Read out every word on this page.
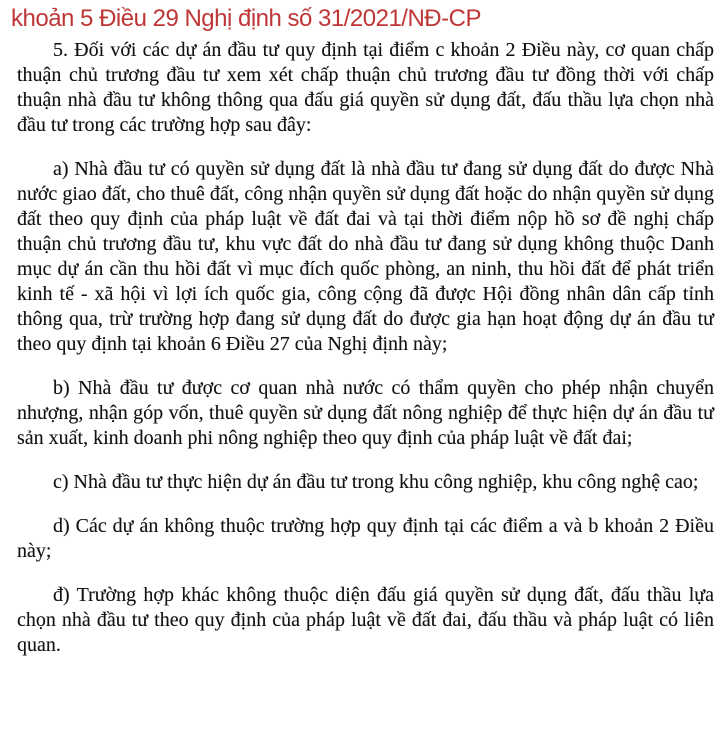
khoản 5 Điều 29 Nghị định số 31/2021/NĐ-CP

5. Đối với các dự án đầu tư quy định tại điểm c khoản 2 Điều này, cơ quan chấp thuận chủ trương đầu tư xem xét chấp thuận chủ trương đầu tư đồng thời với chấp thuận nhà đầu tư không thông qua đấu giá quyền sử dụng đất, đấu thầu lựa chọn nhà đầu tư trong các trường hợp sau đây:

a) Nhà đầu tư có quyền sử dụng đất là nhà đầu tư đang sử dụng đất do được Nhà nước giao đất, cho thuê đất, công nhận quyền sử dụng đất hoặc do nhận quyền sử dụng đất theo quy định của pháp luật về đất đai và tại thời điểm nộp hồ sơ đề nghị chấp thuận chủ trương đầu tư, khu vực đất do nhà đầu tư đang sử dụng không thuộc Danh mục dự án cần thu hồi đất vì mục đích quốc phòng, an ninh, thu hồi đất để phát triển kinh tế - xã hội vì lợi ích quốc gia, công cộng đã được Hội đồng nhân dân cấp tỉnh thông qua, trừ trường hợp đang sử dụng đất do được gia hạn hoạt động dự án đầu tư theo quy định tại khoản 6 Điều 27 của Nghị định này;

b) Nhà đầu tư được cơ quan nhà nước có thẩm quyền cho phép nhận chuyển nhượng, nhận góp vốn, thuê quyền sử dụng đất nông nghiệp để thực hiện dự án đầu tư sản xuất, kinh doanh phi nông nghiệp theo quy định của pháp luật về đất đai;

c) Nhà đầu tư thực hiện dự án đầu tư trong khu công nghiệp, khu công nghệ cao;

d) Các dự án không thuộc trường hợp quy định tại các điểm a và b khoản 2 Điều này;

đ) Trường hợp khác không thuộc diện đấu giá quyền sử dụng đất, đấu thầu lựa chọn nhà đầu tư theo quy định của pháp luật về đất đai, đấu thầu và pháp luật có liên quan.
